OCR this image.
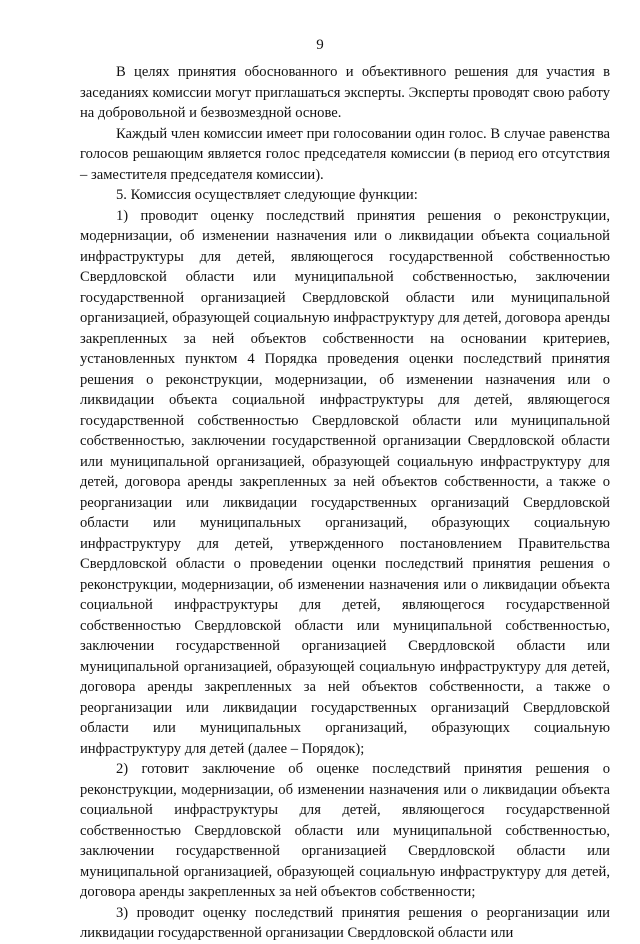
9

В целях принятия обоснованного и объективного решения для участия в заседаниях комиссии могут приглашаться эксперты. Эксперты проводят свою работу на добровольной и безвозмездной основе.

Каждый член комиссии имеет при голосовании один голос. В случае равенства голосов решающим является голос председателя комиссии (в период его отсутствия – заместителя председателя комиссии).

5. Комиссия осуществляет следующие функции:

1) проводит оценку последствий принятия решения о реконструкции, модернизации, об изменении назначения или о ликвидации объекта социальной инфраструктуры для детей, являющегося государственной собственностью Свердловской области или муниципальной собственностью, заключении государственной организацией Свердловской области или муниципальной организацией, образующей социальную инфраструктуру для детей, договора аренды закрепленных за ней объектов собственности на основании критериев, установленных пунктом 4 Порядка проведения оценки последствий принятия решения о реконструкции, модернизации, об изменении назначения или о ликвидации объекта социальной инфраструктуры для детей, являющегося государственной собственностью Свердловской области или муниципальной собственностью, заключении государственной организации Свердловской области или муниципальной организацией, образующей социальную инфраструктуру для детей, договора аренды закрепленных за ней объектов собственности, а также о реорганизации или ликвидации государственных организаций Свердловской области или муниципальных организаций, образующих социальную инфраструктуру для детей, утвержденного постановлением Правительства Свердловской области о проведении оценки последствий принятия решения о реконструкции, модернизации, об изменении назначения или о ликвидации объекта социальной инфраструктуры для детей, являющегося государственной собственностью Свердловской области или муниципальной собственностью, заключении государственной организацией Свердловской области или муниципальной организацией, образующей социальную инфраструктуру для детей, договора аренды закрепленных за ней объектов собственности, а также о реорганизации или ликвидации государственных организаций Свердловской области или муниципальных организаций, образующих социальную инфраструктуру для детей (далее – Порядок);

2) готовит заключение об оценке последствий принятия решения о реконструкции, модернизации, об изменении назначения или о ликвидации объекта социальной инфраструктуры для детей, являющегося государственной собственностью Свердловской области или муниципальной собственностью, заключении государственной организацией Свердловской области или муниципальной организацией, образующей социальную инфраструктуру для детей, договора аренды закрепленных за ней объектов собственности;

3) проводит оценку последствий принятия решения о реорганизации или ликвидации государственной организации Свердловской области или
